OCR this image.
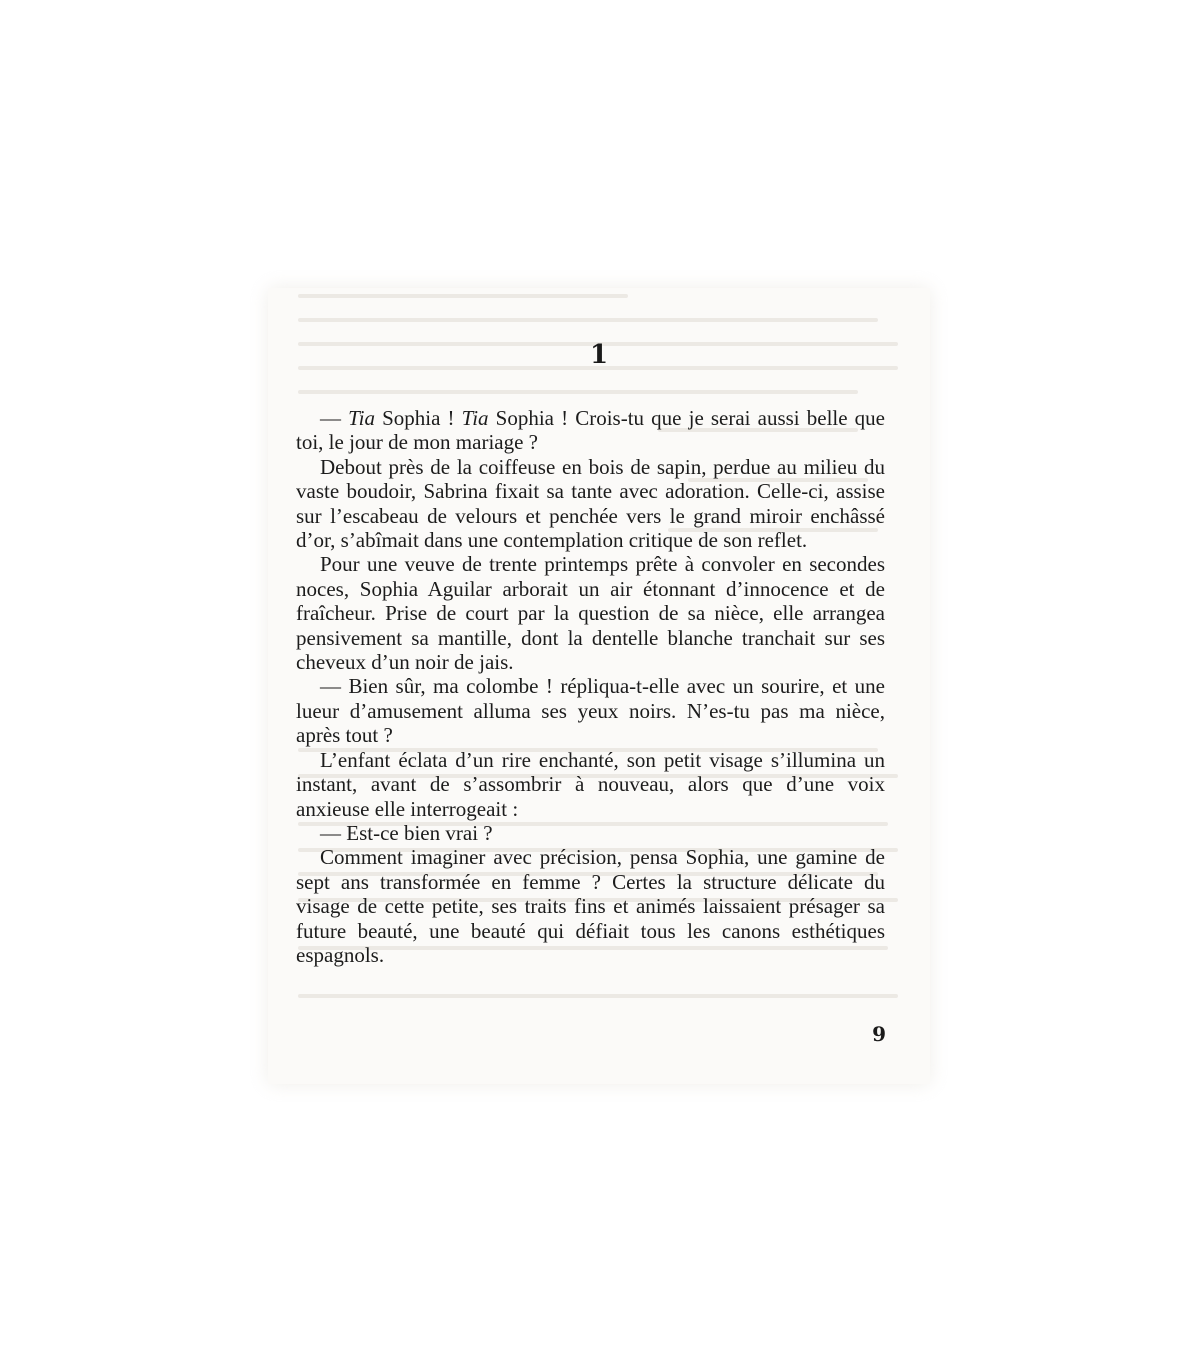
1

— Tia Sophia ! Tia Sophia ! Crois-tu que je serai aussi belle que toi, le jour de mon mariage ?

Debout près de la coiffeuse en bois de sapin, perdue au milieu du vaste boudoir, Sabrina fixait sa tante avec adoration. Celle-ci, assise sur l’escabeau de velours et penchée vers le grand miroir enchâssé d’or, s’abîmait dans une contemplation critique de son reflet.

Pour une veuve de trente printemps prête à convoler en secondes noces, Sophia Aguilar arborait un air étonnant d’innocence et de fraîcheur. Prise de court par la question de sa nièce, elle arrangea pensivement sa mantille, dont la dentelle blanche tranchait sur ses cheveux d’un noir de jais.

— Bien sûr, ma colombe ! répliqua-t-elle avec un sourire, et une lueur d’amusement alluma ses yeux noirs. N’es-tu pas ma nièce, après tout ?

L’enfant éclata d’un rire enchanté, son petit visage s’illumina un instant, avant de s’assombrir à nouveau, alors que d’une voix anxieuse elle interrogeait :

— Est-ce bien vrai ?

Comment imaginer avec précision, pensa Sophia, une gamine de sept ans transformée en femme ? Certes la structure délicate du visage de cette petite, ses traits fins et animés laissaient présager sa future beauté, une beauté qui défiait tous les canons esthétiques espagnols.

9
